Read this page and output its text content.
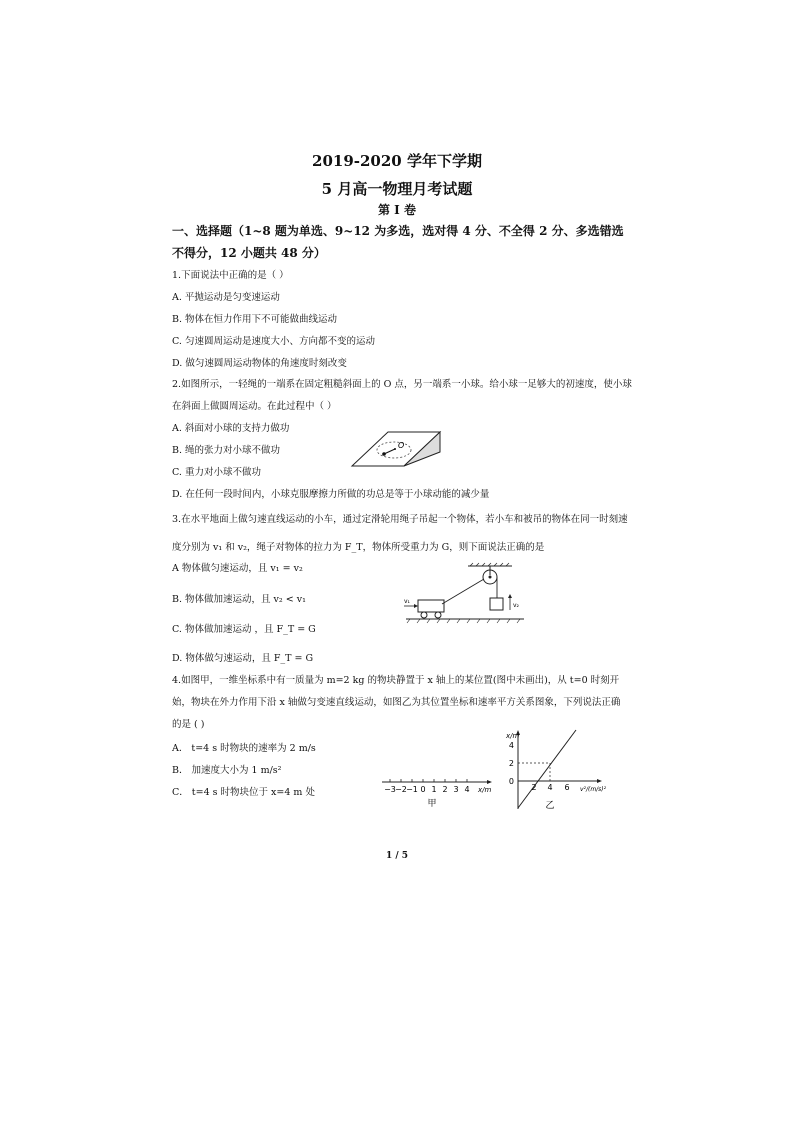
2019-2020 学年下学期
5 月高一物理月考试题
第 I 卷
一、选择题（1~8 题为单选、9~12 为多选，选对得 4 分、不全得 2 分、多选错选不得分，12 小题共 48 分）
1.下面说法中正确的是（ ）
A. 平抛运动是匀变速运动
B. 物体在恒力作用下不可能做曲线运动
C. 匀速圆周运动是速度大小、方向都不变的运动
D. 做匀速圆周运动物体的角速度时刻改变
2.如图所示，一轻绳的一端系在固定粗糙斜面上的 O 点，另一端系一小球。给小球一足够大的初速度，使小球在斜面上做圆周运动。在此过程中（ ）
A. 斜面对小球的支持力做功
B. 绳的张力对小球不做功
C. 重力对小球不做功
D. 在任何一段时间内，小球克服摩擦力所做的功总是等于小球动能的减少量
O
3.在水平地面上做匀速直线运动的小车，通过定滑轮用绳子吊起一个物体，若小车和被吊的物体在同一时刻速度分别为 v₁ 和 v₂，绳子对物体的拉力为 F_T，物体所受重力为 G，则下面说法正确的是
A 物体做匀速运动，且 v₁ = v₂
B. 物体做加速运动，且 v₂ < v₁
C. 物体做加速运动 ，且 F_T = G
D. 物体做匀速运动，且 F_T = G
v₂
v₁
4.如图甲，一维坐标系中有一质量为 m=2 kg 的物块静置于 x 轴上的某位置(图中未画出)，从 t=0 时刻开始，物块在外力作用下沿 x 轴做匀变速直线运动，如图乙为其位置坐标和速率平方关系图象，下列说法正确的是 ( )
A． t=4 s 时物块的速率为 2 m/s
B． 加速度大小为 1 m/s²
C． t=4 s 时物块位于 x=4 m 处	−3 −2 −1 0 1 2 3 4 x/m
甲
4
2
0
2 4 6
x/m
v²/(m/s)²
乙
1 / 5
